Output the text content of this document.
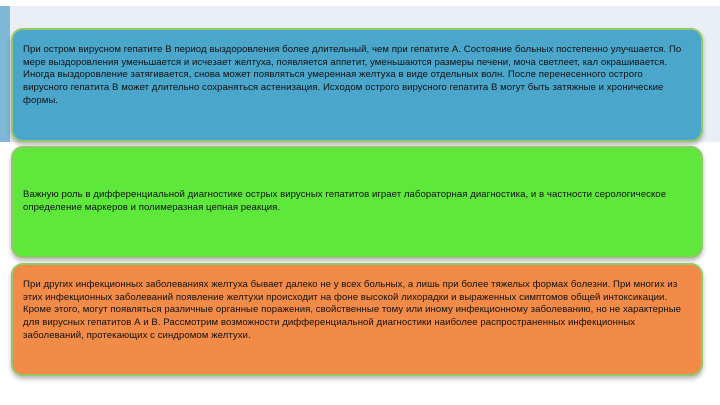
При остром вирусном гепатите В период выздоровления более длительный, чем при гепатите А. Состояние больных постепенно улучшается. По мере выздоровления уменьшается и исчезает желтуха, появляется аппетит, уменьшаются размеры печени, моча светлеет, кал окрашивается. Иногда выздоровление затягивается, снова может появляться умеренная желтуха в виде отдельных волн. После перенесенного острого вирусного гепатита В может длительно сохраняться астенизация. Исходом острого вирусного гепатита В могут быть затяжные и хронические формы.

Важную роль в дифференциальной диагностике острых вирусных гепатитов играет лабораторная диагностика, и в частности серологическое определение маркеров и полимеразная цепная реакция.

При других инфекционных заболеваниях желтуха бывает далеко не у всех больных, а лишь при более тяжелых формах болезни. При многих из этих инфекционных заболеваний появление желтухи происходит на фоне высокой лихорадки и выраженных симптомов общей интоксикации. Кроме этого, могут появляться различные органные поражения, свойственные тому или иному инфекционному заболеванию, но не характерные для вирусных гепатитов А и В. Рассмотрим возможности дифференциальной диагностики наиболее распространенных инфекционных заболеваний, протекающих с синдромом желтухи.
